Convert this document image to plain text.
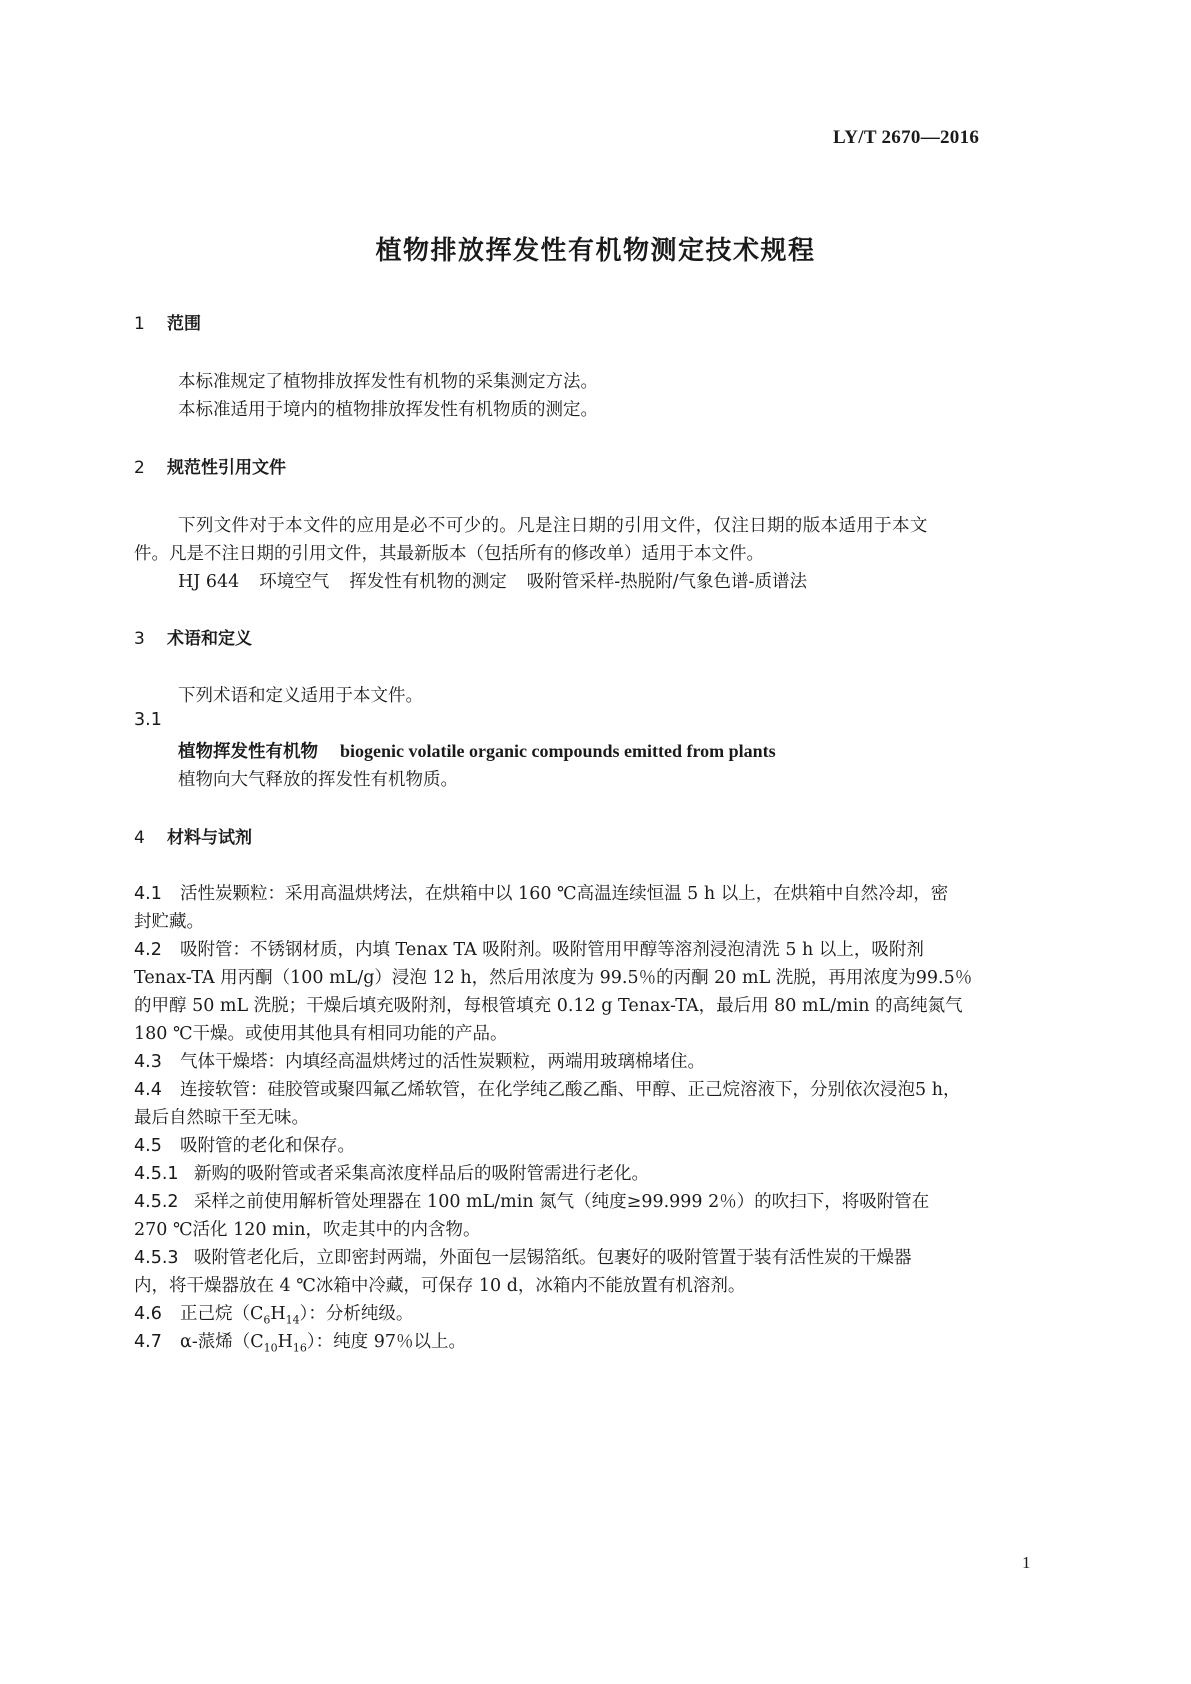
LY/T 2670—2016
植物排放挥发性有机物测定技术规程
1 范围
本标准规定了植物排放挥发性有机物的采集测定方法。
本标准适用于境内的植物排放挥发性有机物质的测定。
2 规范性引用文件
下列文件对于本文件的应用是必不可少的。凡是注日期的引用文件，仅注日期的版本适用于本文
件。凡是不注日期的引用文件，其最新版本（包括所有的修改单）适用于本文件。
HJ 644 环境空气 挥发性有机物的测定 吸附管采样-热脱附/气象色谱-质谱法
3 术语和定义
下列术语和定义适用于本文件。
3.1
植物挥发性有机物 biogenic volatile organic compounds emitted from plants
植物向大气释放的挥发性有机物质。
4 材料与试剂
4.1 活性炭颗粒：采用高温烘烤法，在烘箱中以 160 ℃高温连续恒温 5 h 以上，在烘箱中自然冷却，密
封贮藏。
4.2 吸附管：不锈钢材质，内填 Tenax TA 吸附剂。吸附管用甲醇等溶剂浸泡清洗 5 h 以上，吸附剂
Tenax-TA 用丙酮（100 mL/g）浸泡 12 h，然后用浓度为 99.5％的丙酮 20 mL 洗脱，再用浓度为99.5％
的甲醇 50 mL 洗脱；干燥后填充吸附剂，每根管填充 0.12 g Tenax-TA，最后用 80 mL/min 的高纯氮气
180 ℃干燥。或使用其他具有相同功能的产品。
4.3 气体干燥塔：内填经高温烘烤过的活性炭颗粒，两端用玻璃棉堵住。
4.4 连接软管：硅胶管或聚四氟乙烯软管，在化学纯乙酸乙酯、甲醇、正己烷溶液下，分别依次浸泡5 h，
最后自然晾干至无味。
4.5 吸附管的老化和保存。
4.5.1 新购的吸附管或者采集高浓度样品后的吸附管需进行老化。
4.5.2 采样之前使用解析管处理器在 100 mL/min 氮气（纯度≥99.999 2％）的吹扫下，将吸附管在
270 ℃活化 120 min，吹走其中的内含物。
4.5.3 吸附管老化后，立即密封两端，外面包一层锡箔纸。包裹好的吸附管置于装有活性炭的干燥器
内，将干燥器放在 4 ℃冰箱中冷藏，可保存 10 d，冰箱内不能放置有机溶剂。
4.6 正己烷$(C_6H_{14})$：分析纯级。
4.7 α-蒎烯$(C_{10}H_{16})$：纯度 97％以上。
1
